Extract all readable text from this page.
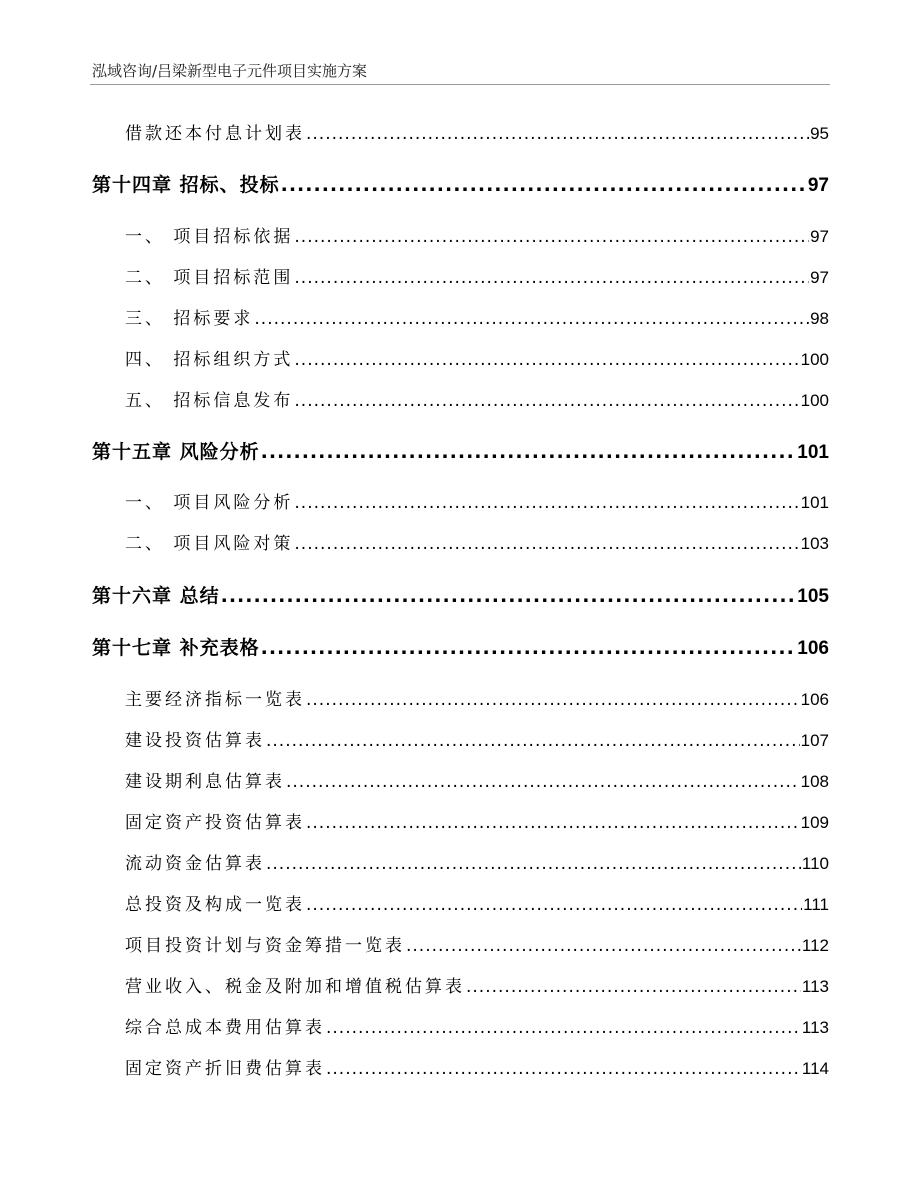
泓域咨询/吕梁新型电子元件项目实施方案
借款还本付息计划表 .....	95
第十四章 招标、投标 .....	97
一、 项目招标依据 .....	97
二、 项目招标范围 .....	97
三、 招标要求 .....	98
四、 招标组织方式 .....	100
五、 招标信息发布 .....	100
第十五章 风险分析 .....	101
一、 项目风险分析 .....	101
二、 项目风险对策 .....	103
第十六章 总结 .....	105
第十七章 补充表格 .....	106
主要经济指标一览表 .....	106
建设投资估算表 .....	107
建设期利息估算表 .....	108
固定资产投资估算表 .....	109
流动资金估算表 .....	110
总投资及构成一览表 .....	111
项目投资计划与资金筹措一览表 .....	112
营业收入、税金及附加和增值税估算表 .....	113
综合总成本费用估算表 .....	113
固定资产折旧费估算表 .....	114
